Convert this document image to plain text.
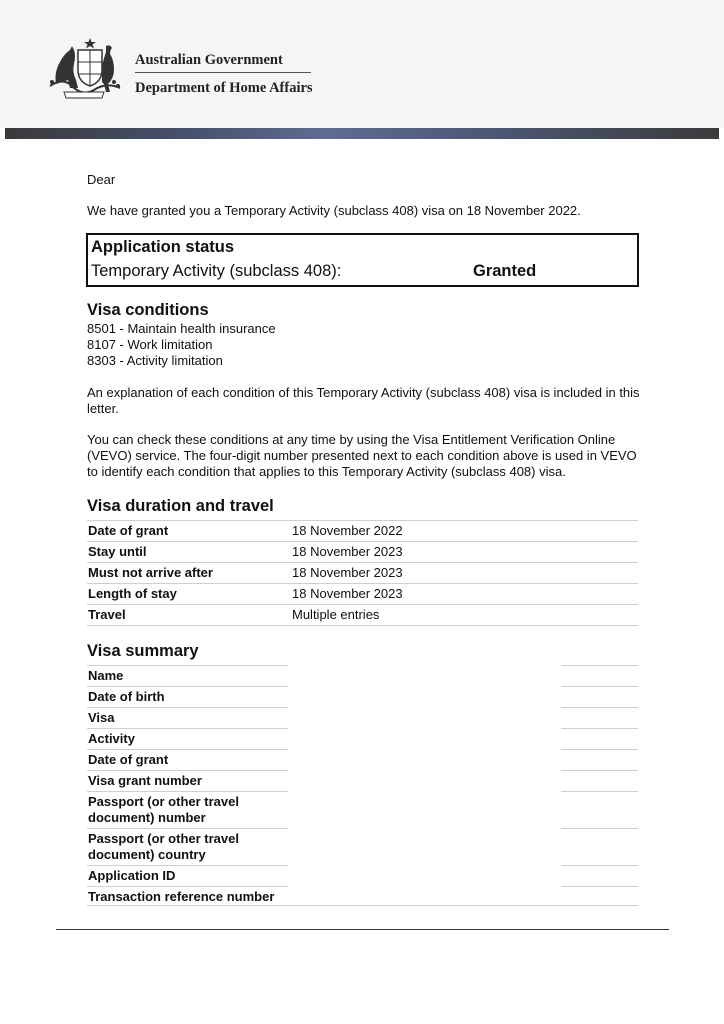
Australian Government
Department of Home Affairs
Dear
We have granted you a Temporary Activity (subclass 408) visa on 18 November 2022.
Application status
Temporary Activity (subclass 408):	Granted
Visa conditions
8501 - Maintain health insurance
8107 - Work limitation
8303 - Activity limitation
An explanation of each condition of this Temporary Activity (subclass 408) visa is included in this letter.
You can check these conditions at any time by using the Visa Entitlement Verification Online (VEVO) service. The four-digit number presented next to each condition above is used in VEVO to identify each condition that applies to this Temporary Activity (subclass 408) visa.
Visa duration and travel
Date of grant	18 November 2022
Stay until	18 November 2023
Must not arrive after	18 November 2023
Length of stay	18 November 2023
Travel	Multiple entries
Visa summary
Name
Date of birth
Visa
Activity
Date of grant
Visa grant number
Passport (or other travel document) number
Passport (or other travel document) country
Application ID
Transaction reference number
